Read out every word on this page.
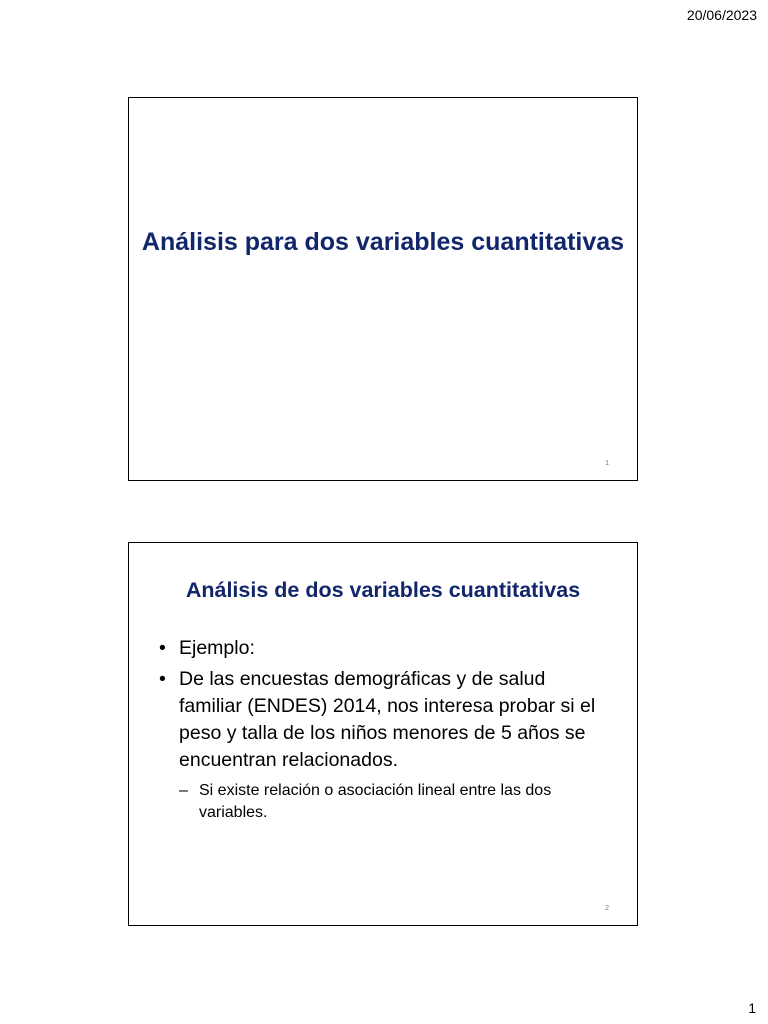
20/06/2023
Análisis para dos variables cuantitativas
1
Análisis de dos variables cuantitativas
• Ejemplo:
• De las encuestas demográficas y de salud familiar (ENDES) 2014, nos interesa probar si el peso y talla de los niños menores de 5 años se encuentran relacionados.
– Si existe relación o asociación lineal entre las dos variables.
2
1
